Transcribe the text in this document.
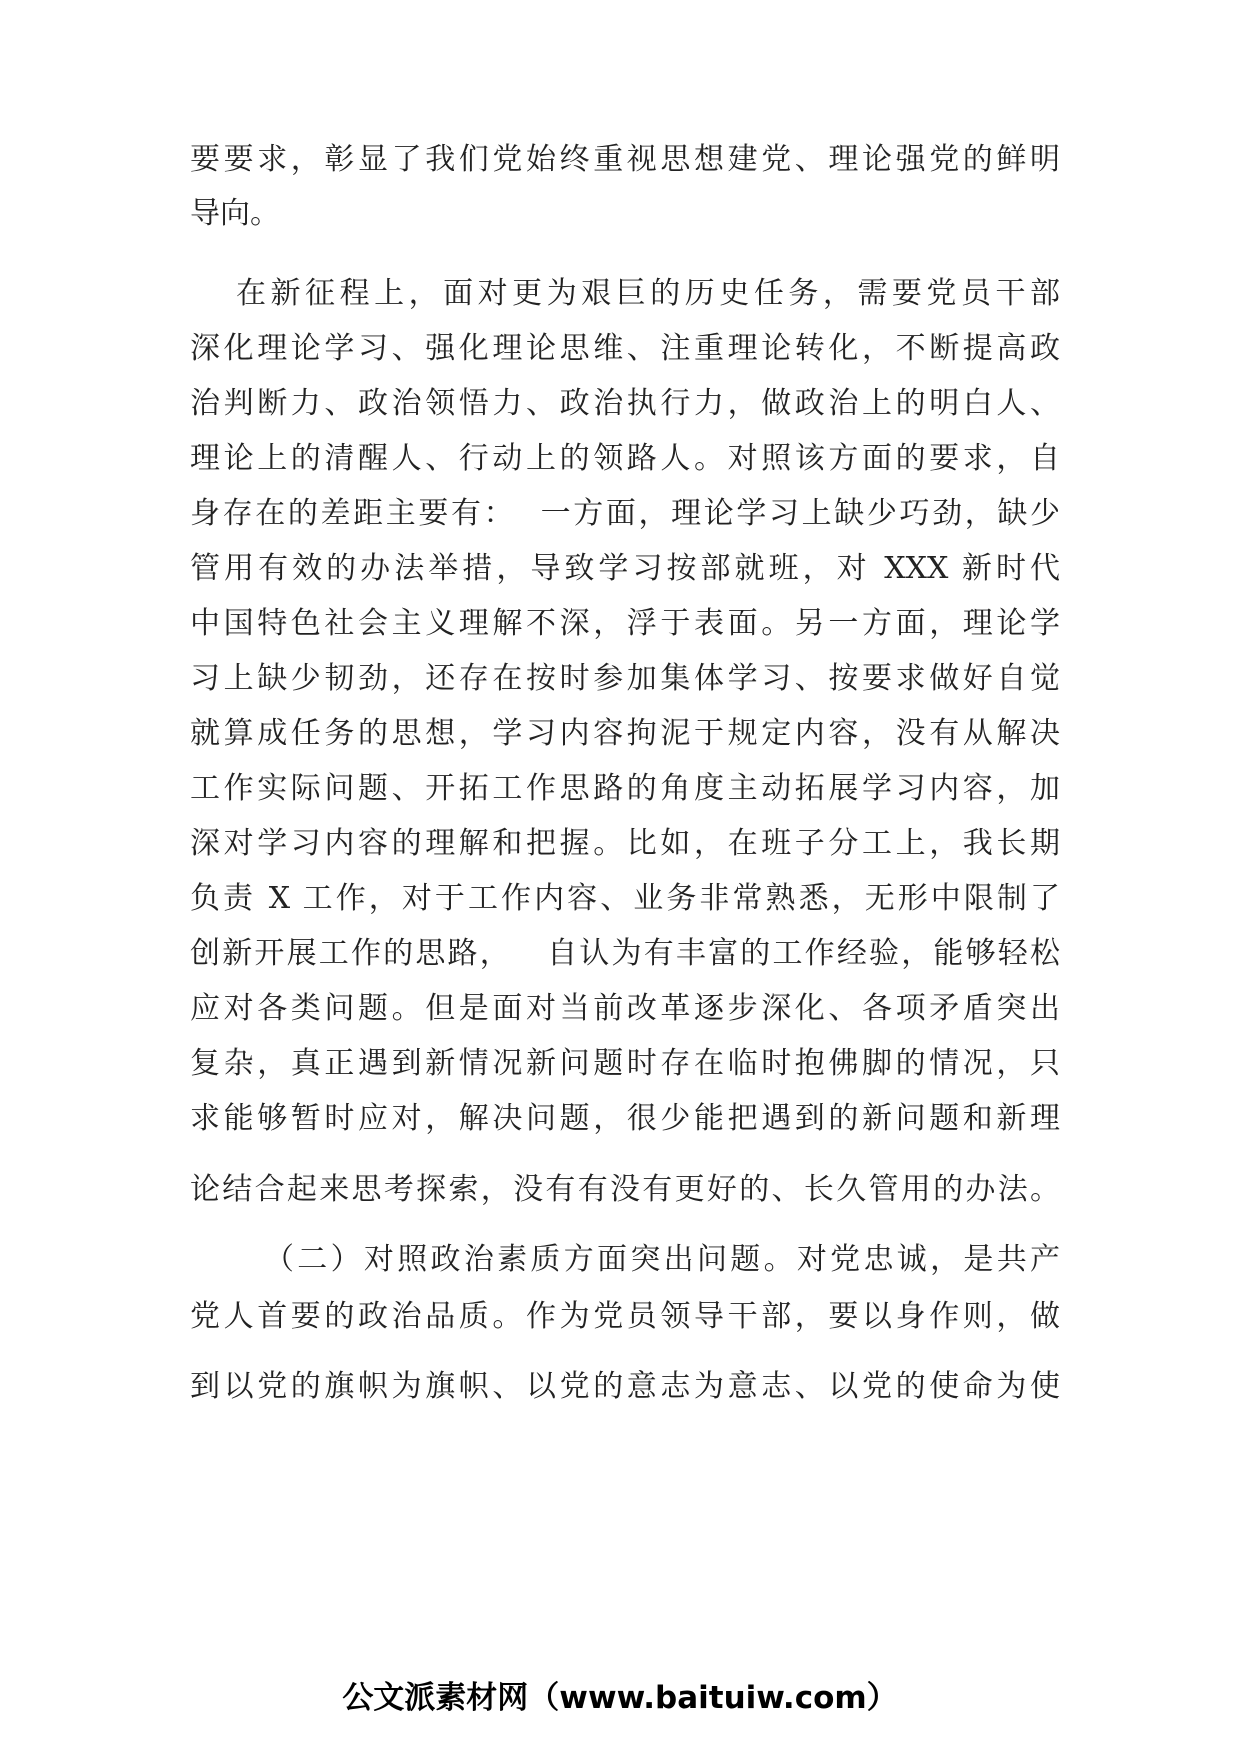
要要求，彰显了我们党始终重视思想建党、理论强党的鲜明
导向。
在新征程上，面对更为艰巨的历史任务，需要党员干部
深化理论学习、强化理论思维、注重理论转化，不断提高政
治判断力、政治领悟力、政治执行力，做政治上的明白人、
理论上的清醒人、行动上的领路人。对照该方面的要求，自
身存在的差距主要有：  一方面，理论学习上缺少巧劲，缺少
管用有效的办法举措，导致学习按部就班，对 XXX 新时代
中国特色社会主义理解不深，浮于表面。另一方面，理论学
习上缺少韧劲，还存在按时参加集体学习、按要求做好自觉
就算成任务的思想，学习内容拘泥于规定内容，没有从解决
工作实际问题、开拓工作思路的角度主动拓展学习内容，加
深对学习内容的理解和把握。比如，在班子分工上，我长期
负责 X 工作，对于工作内容、业务非常熟悉，无形中限制了
创新开展工作的思路，   自认为有丰富的工作经验，能够轻松
应对各类问题。但是面对当前改革逐步深化、各项矛盾突出
复杂，真正遇到新情况新问题时存在临时抱佛脚的情况，只
求能够暂时应对，解决问题，很少能把遇到的新问题和新理
论结合起来思考探索，没有有没有更好的、长久管用的办法。
（二）对照政治素质方面突出问题。对党忠诚，是共产
党人首要的政治品质。作为党员领导干部，要以身作则，做
到以党的旗帜为旗帜、以党的意志为意志、以党的使命为使
公文派素材网（www.baituiw.com）
